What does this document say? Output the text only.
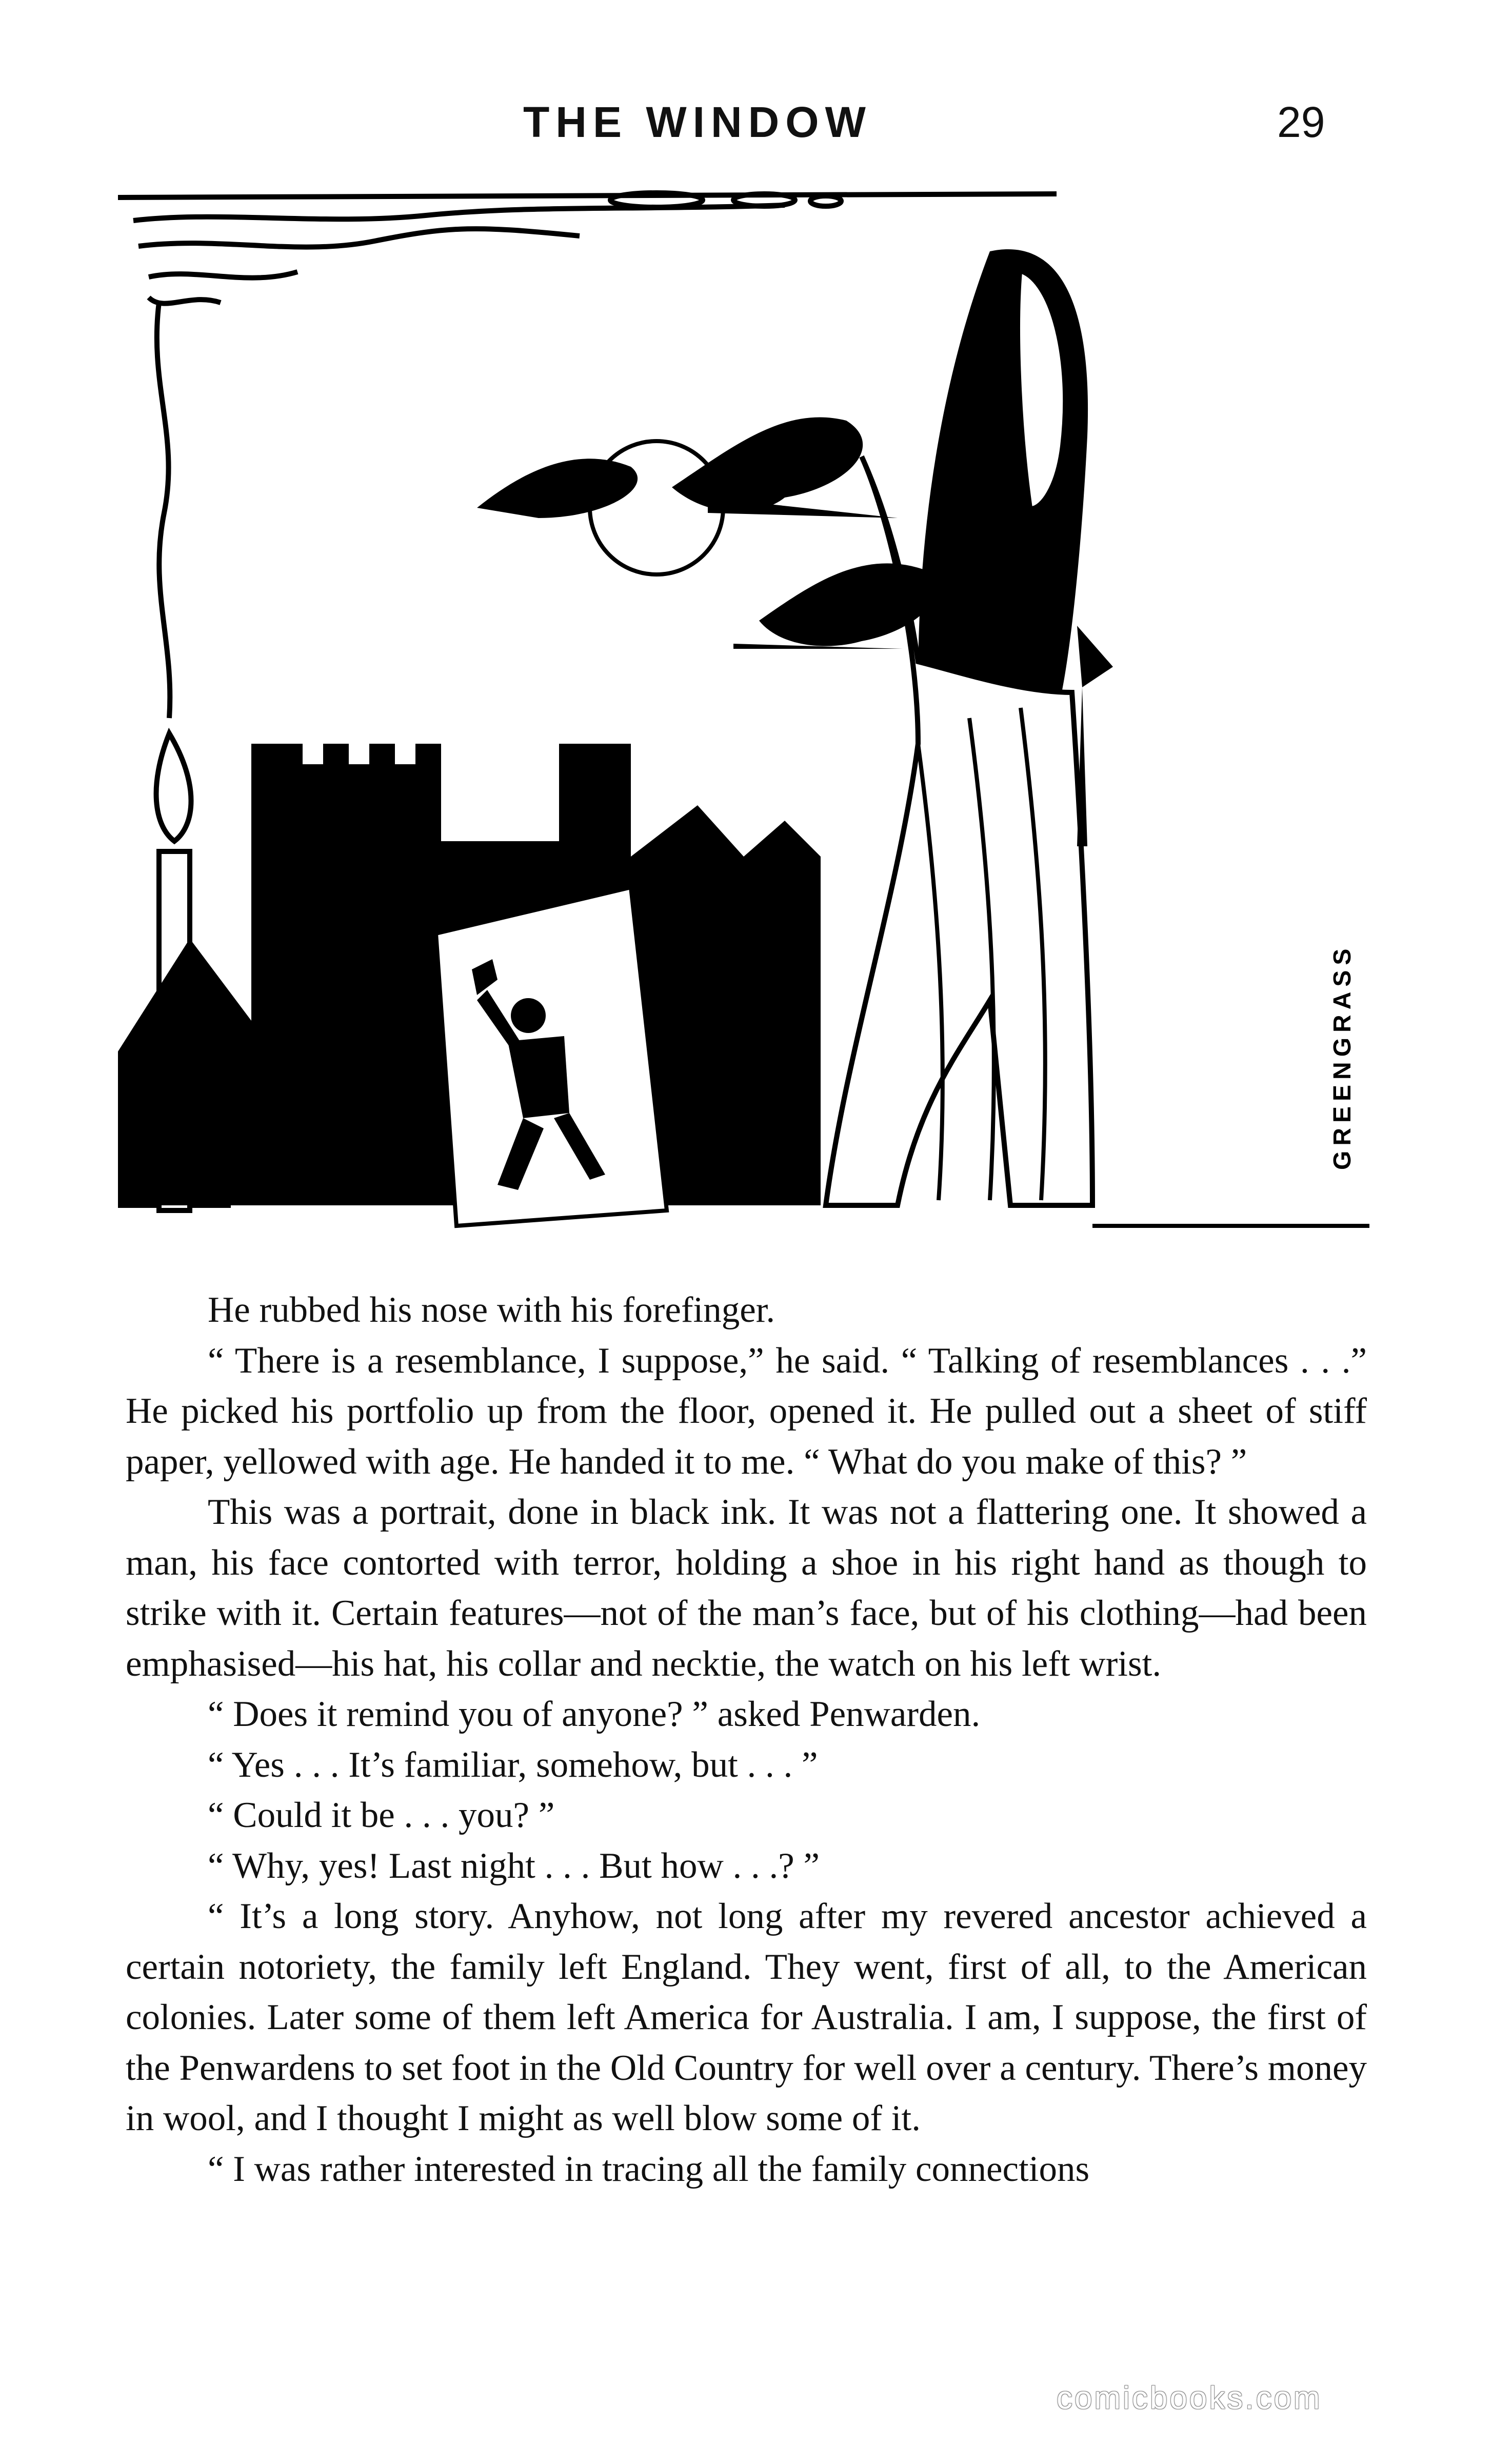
THE WINDOW	29
GREENGRASS

He rubbed his nose with his forefinger.

“ There is a resemblance, I suppose,” he said. “ Talking of resemblances . . .” He picked his portfolio up from the floor, opened it. He pulled out a sheet of stiff paper, yellowed with age. He handed it to me. “ What do you make of this? ”

This was a portrait, done in black ink. It was not a flattering one. It showed a man, his face contorted with terror, holding a shoe in his right hand as though to strike with it. Certain features—not of the man’s face, but of his clothing—had been emphasised—his hat, his collar and necktie, the watch on his left wrist.

“ Does it remind you of anyone? ” asked Penwarden.

“ Yes . . . It’s familiar, somehow, but . . . ”

“ Could it be . . . you? ”

“ Why, yes! Last night . . . But how . . .? ”

“ It’s a long story. Anyhow, not long after my revered ancestor achieved a certain notoriety, the family left England. They went, first of all, to the American colonies. Later some of them left America for Australia. I am, I suppose, the first of the Penwardens to set foot in the Old Country for well over a century. There’s money in wool, and I thought I might as well blow some of it.

“ I was rather interested in tracing all the family connections

comicbooks.com
